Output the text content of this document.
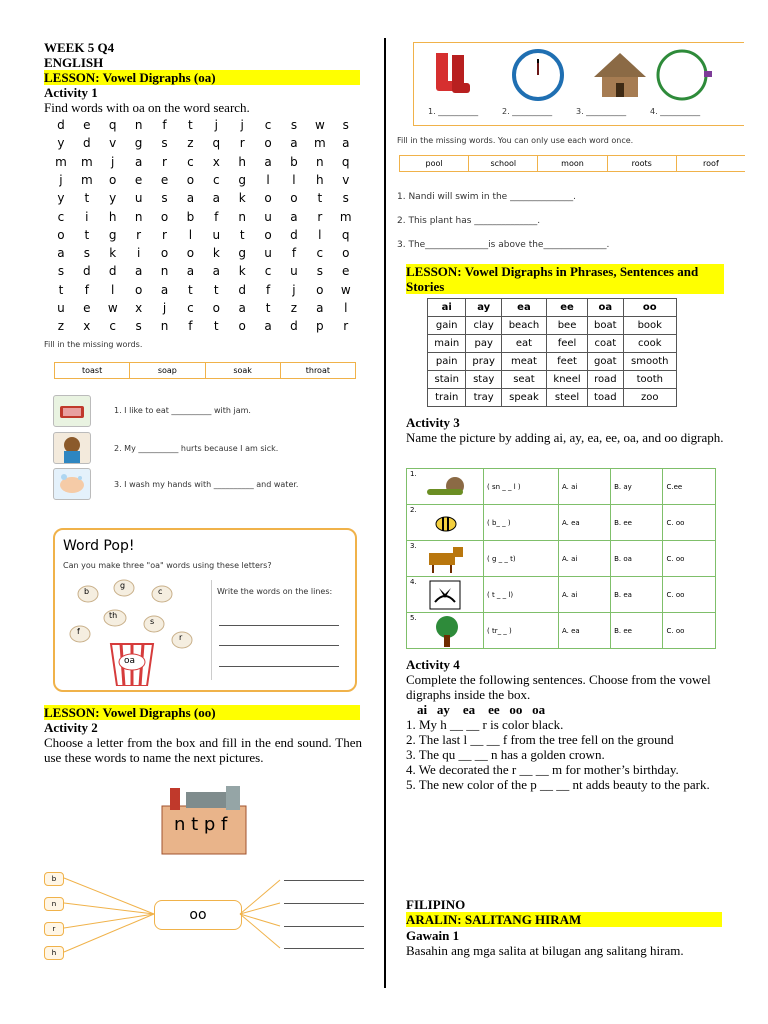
WEEK 5 Q4
ENGLISH
LESSON: Vowel Digraphs (oa)
Activity 1
Find words with oa on the word search.
d	e	q	n	f	t	j	j	c	s	w	s
y	d	v	g	s	z	q	r	o	a	m	a
m	m	j	a	r	c	x	h	a	b	n	q
j	m	o	e	e	o	c	g	l	l	h	v
y	t	y	u	s	a	a	k	o	o	t	s
c	i	h	n	o	b	f	n	u	a	r	m
o	t	g	r	r	l	u	t	o	d	l	q
a	s	k	i	o	o	k	g	u	f	c	o
s	d	d	a	n	a	a	k	c	u	s	e
t	f	l	o	a	t	t	d	f	j	o	w
u	e	w	x	j	c	o	a	t	z	a	l
z	x	c	s	n	f	t	o	a	d	p	r
Fill in the missing words.
toast	soap	soak	throat
1. I like to eat __________ with jam.
2. My __________ hurts because I am sick.
3. I wash my hands with __________ and water.
Word Pop!
Can you make three "oa" words using these letters?
Write the words on the lines:
b
g
c
th
s
f
r
oa
LESSON: Vowel Digraphs (oo)
Activity 2
Choose a letter from the box and fill in the end sound. Then use these words to name the next pictures.
n t p f
b
n
r
h
oo
1. __________	2. __________	3. __________	4. __________
Fill in the missing words. You can only use each word once.
pool	school	moon	roots	roof
1. Nandi will swim in the ______________.
2. This plant has ______________.
3. The______________is above the______________.
LESSON: Vowel Digraphs in Phrases, Sentences and Stories
ai	ay	ea	ee	oa	oo
gain	clay	beach	bee	boat	book
main	pay	eat	feel	coat	cook
pain	pray	meat	feet	goat	smooth
stain	stay	seat	kneel	road	tooth
train	tray	speak	steel	toad	zoo
Activity 3
Name the picture by adding ai, ay, ea, ee, oa, and oo digraph.
1.	( sn _ _ l )	A. ai	B. ay	C.ee
2.	( b_ _ )	A. ea	B. ee	C. oo
3.	( g _ _ t)	A. ai	B. oa	C. oo
4.	( t _ _ l)	A. ai	B. ea	C. oo
5.	( tr_ _ )	A. ea	B. ee	C. oo
Activity 4
Complete the following sentences. Choose from the vowel digraphs inside the box.
ai   ay    ea    ee   oo   oa
1. My h __ __ r is color black.
2. The last l __ __ f from the tree fell on the ground
3. The qu __ __ n has a golden crown.
4. We decorated the r __ __ m for mother’s birthday.
5. The new color of the p __ __ nt adds beauty to the park.
FILIPINO
ARALIN: SALITANG HIRAM
Gawain 1
Basahin ang mga salita at bilugan ang salitang hiram.
